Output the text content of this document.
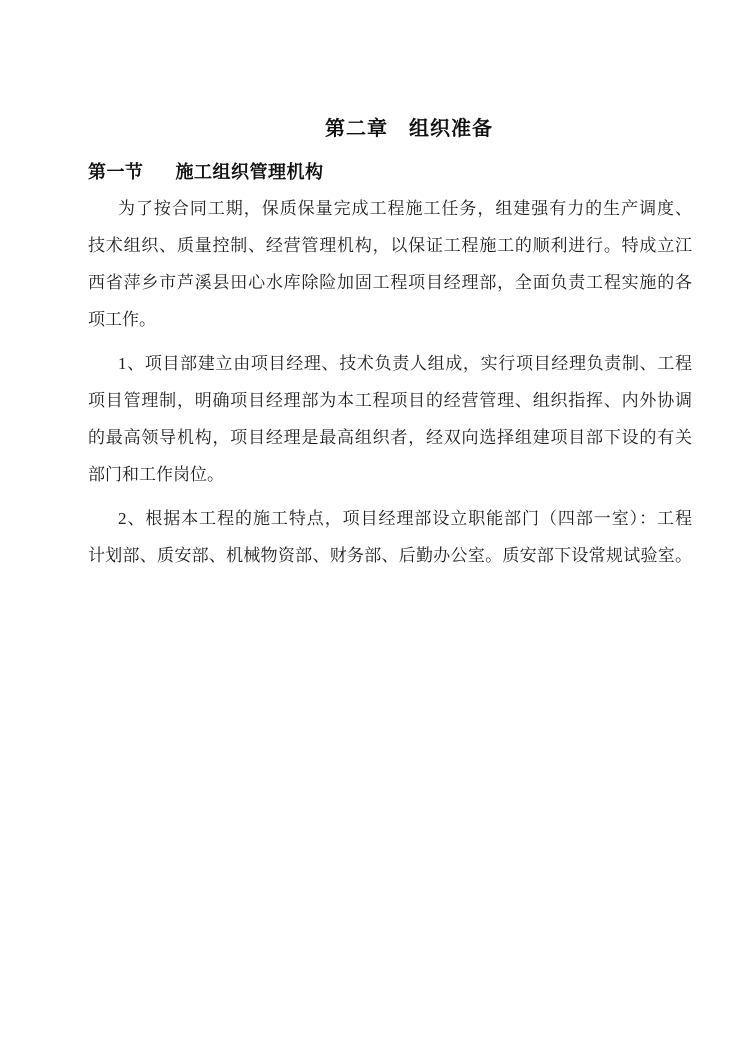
第二章　组织准备
第一节 施工组织管理机构
为了按合同工期，保质保量完成工程施工任务，组建强有力的生产调度、
技术组织、质量控制、经营管理机构，以保证工程施工的顺利进行。特成立江
西省萍乡市芦溪县田心水库除险加固工程项目经理部，全面负责工程实施的各
项工作。
1、项目部建立由项目经理、技术负责人组成，实行项目经理负责制、工程
项目管理制，明确项目经理部为本工程项目的经营管理、组织指挥、内外协调
的最高领导机构，项目经理是最高组织者，经双向选择组建项目部下设的有关
部门和工作岗位。
2、根据本工程的施工特点，项目经理部设立职能部门（四部一室）：工程
计划部、质安部、机械物资部、财务部、后勤办公室。质安部下设常规试验室。
